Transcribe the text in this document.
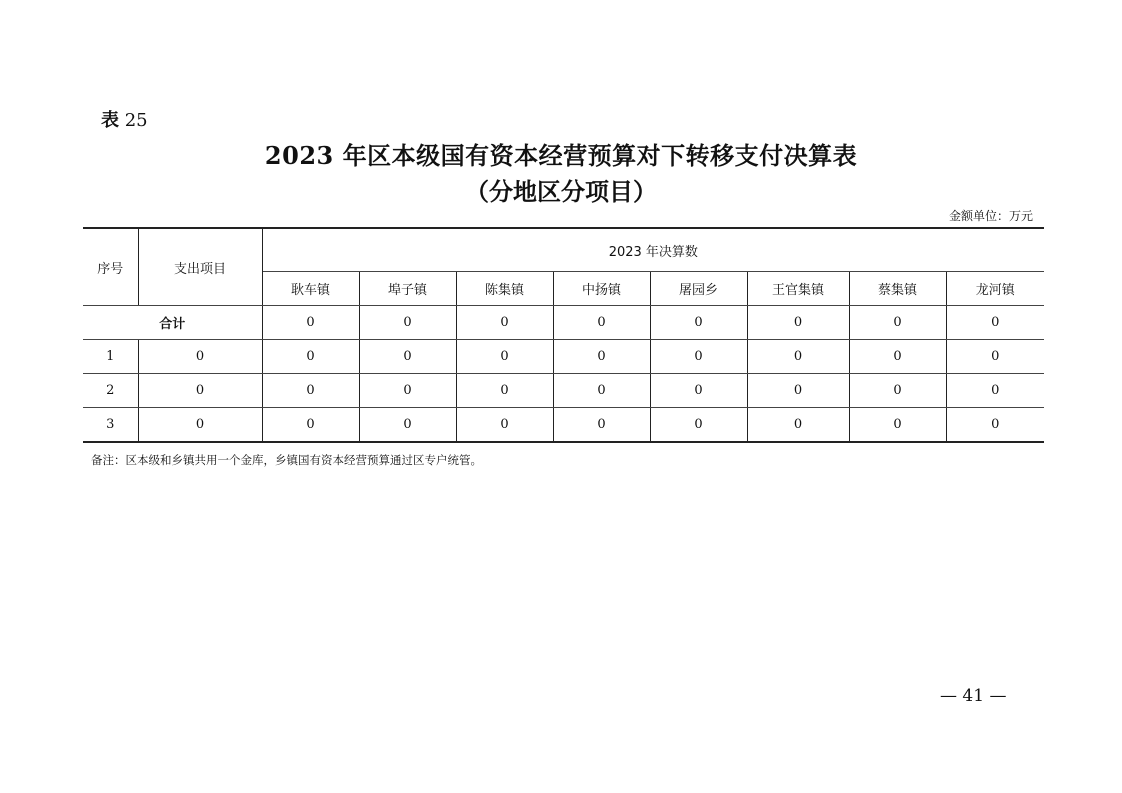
表 25
2023 年区本级国有资本经营预算对下转移支付决算表
（分地区分项目）
金额单位：万元
序号	支出项目	2023 年决算数							
		耿车镇	埠子镇	陈集镇	中扬镇	屠园乡	王官集镇	蔡集镇	龙河镇
合计		0	0	0	0	0	0	0	0
1	0	0	0	0	0	0	0	0	0
2	0	0	0	0	0	0	0	0	0
3	0	0	0	0	0	0	0	0	0
备注：区本级和乡镇共用一个金库，乡镇国有资本经营预算通过区专户统管。
— 41 —
